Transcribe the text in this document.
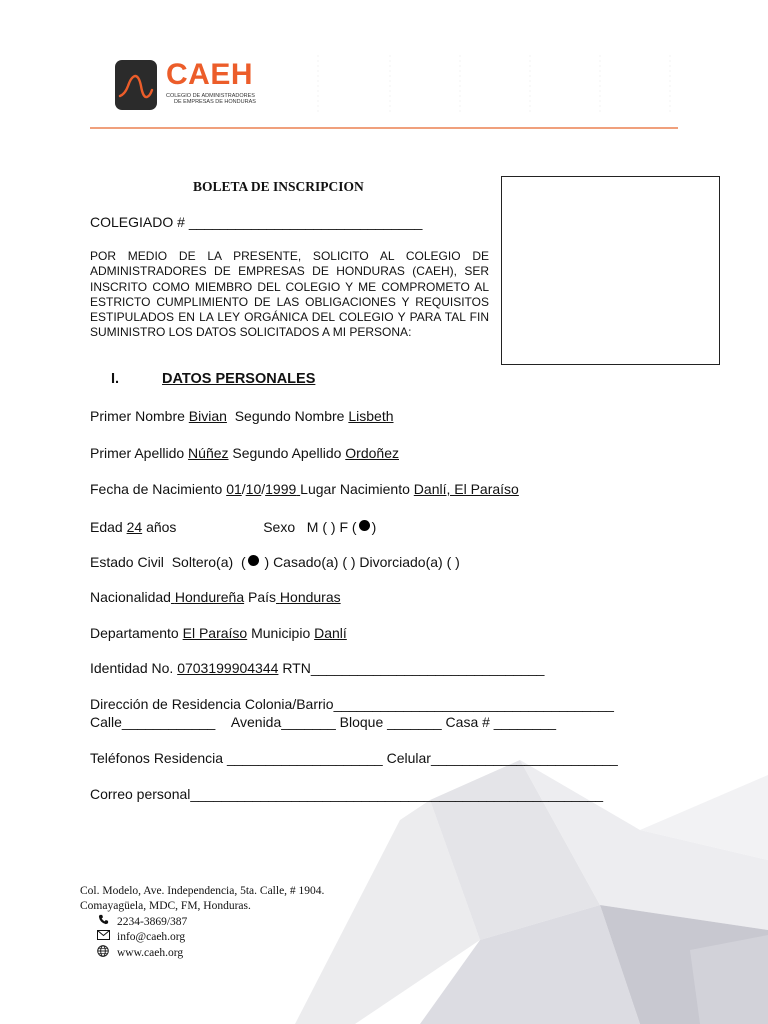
CAEH
COLEGIO DE ADMINISTRADORES
DE EMPRESAS DE HONDURAS
BOLETA DE INSCRIPCION
COLEGIADO # ______________________________
POR MEDIO DE LA PRESENTE, SOLICITO AL COLEGIO DE ADMINISTRADORES DE EMPRESAS DE HONDURAS (CAEH), SER INSCRITO COMO MIEMBRO DEL COLEGIO Y ME COMPROMETO AL ESTRICTO CUMPLIMIENTO DE LAS OBLIGACIONES Y REQUISITOS ESTIPULADOS EN LA LEY ORGÁNICA DEL COLEGIO Y PARA TAL FIN SUMINISTRO LOS DATOS SOLICITADOS A MI PERSONA:
I.	DATOS PERSONALES
Primer Nombre Bivian Segundo Nombre Lisbeth
Primer Apellido Núñez Segundo Apellido Ordoñez
Fecha de Nacimiento 01/10/1999 Lugar Nacimiento Danlí, El Paraíso
Edad 24 años	Sexo M ( ) F ( )
Estado Civil Soltero(a)  ( ) Casado(a) ( ) Divorciado(a) ( )
Nacionalidad Hondureña País Honduras
Departamento El Paraíso Municipio Danlí
Identidad No. 0703199904344 RTN______________________________
Dirección de Residencia Colonia/Barrio____________________________________
Calle____________ Avenida_______ Bloque _______ Casa # ________
Teléfonos Residencia ____________________ Celular________________________
Correo personal_____________________________________________________
Col. Modelo, Ave. Independencia, 5ta. Calle, # 1904.
Comayagüela, MDC, FM, Honduras.
2234-3869/387
info@caeh.org
www.caeh.org
